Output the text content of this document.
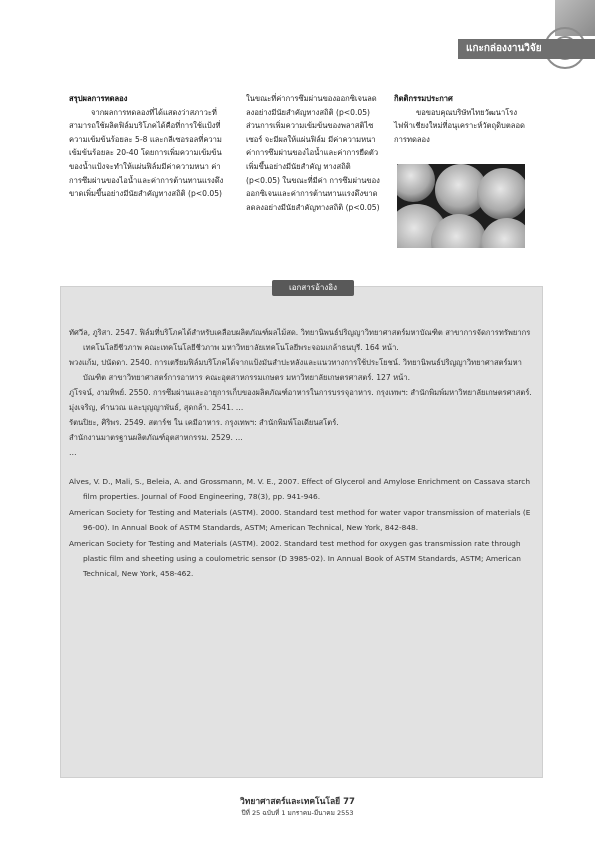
แกะกล่องงานวิจัย

สรุปผลการทดลอง

จากผลการทดลองที่ได้แสดงว่าสภาวะที่สามารถใช้ผลิตฟิล์มบริโภคได้คือที่การใช้แป้งที่ความเข้มข้นร้อยละ 5-8 และกลีเซอรอลที่ความเข้มข้นร้อยละ 20-40 โดยการเพิ่มความเข้มข้นของน้ำแป้งจะทำให้แผ่นฟิล์มมีค่าความหนา ค่าการซึมผ่านของไอน้ำและค่าการต้านทานแรงดึงขาดเพิ่มขึ้นอย่างมีนัยสำคัญทางสถิติ (p<0.05)

ในขณะที่ค่าการซึมผ่านของออกซิเจนลดลงอย่างมีนัยสำคัญทางสถิติ (p<0.05) ส่วนการเพิ่มความเข้มข้นของพลาสติไซเซอร์ จะมีผลให้แผ่นฟิล์ม มีค่าความหนา ค่าการซึมผ่านของไอน้ำและค่าการยืดตัวเพิ่มขึ้นอย่างมีนัยสำคัญ ทางสถิติ (p<0.05) ในขณะที่มีค่า การซึมผ่านของออกซิเจนและค่าการต้านทานแรงดึงขาดลดลงอย่างมีนัยสำคัญทางสถิติ (p<0.05)

กิตติกรรมประกาศ

ขอขอบคุณบริษัทไทยวัฒนาโรงไฟฟ้าเชียงใหม่ที่อนุเคราะห์วัตถุดิบตลอดการทดลอง

เอกสารอ้างอิง

ทัศวีล, ภูริสา. 2547. ฟิล์มที่บริโภคได้สำหรับเคลือบผลิตภัณฑ์ผลไม้สด. วิทยานิพนธ์ปริญญาวิทยาศาสตร์มหาบัณฑิต สาขาการจัดการทรัพยากรเทคโนโลยีชีวภาพ คณะเทคโนโลยีชีวภาพ มหาวิทยาลัยเทคโนโลยีพระจอมเกล้าธนบุรี. 164 หน้า.

พวงแก้ม, ปนัดดา. 2540. การเตรียมฟิล์มบริโภคได้จากแป้งมันสำปะหลังและแนวทางการใช้ประโยชน์. วิทยานิพนธ์ปริญญาวิทยาศาสตร์มหาบัณฑิต สาขาวิทยาศาสตร์การอาหาร คณะอุตสาหกรรมเกษตร มหาวิทยาลัยเกษตรศาสตร์. 127 หน้า.

ภู่โรจน์, งามทิพย์. 2550. การซึมผ่านและอายุการเก็บของผลิตภัณฑ์อาหารในการบรรจุอาหาร. กรุงเทพฯ: สำนักพิมพ์มหาวิทยาลัยเกษตรศาสตร์.

มุ่งเจริญ, คำนวณ และบุญญาพันธ์, สุดกล้า. 2541. …

รัตนปิยะ, ศิริพร. 2549. สตาร์ช ใน เคมีอาหาร. กรุงเทพฯ: สำนักพิมพ์โอเดียนสโตร์.

สำนักงานมาตรฐานผลิตภัณฑ์อุตสาหกรรม. 2529. …

…

Alves, V. D., Mali, S., Beleia, A. and Grossmann, M. V. E., 2007. Effect of Glycerol and Amylose Enrichment on Cassava starch film properties. Journal of Food Engineering, 78(3), pp. 941-946.

American Society for Testing and Materials (ASTM). 2000. Standard test method for water vapor transmission of materials (E 96-00). In Annual Book of ASTM Standards, ASTM; American Technical, New York, 842-848.

American Society for Testing and Materials (ASTM). 2002. Standard test method for oxygen gas transmission rate through plastic film and sheeting using a coulometric sensor (D 3985-02). In Annual Book of ASTM Standards, ASTM; American Technical, New York, 458-462.

วิทยาศาสตร์และเทคโนโลยี 77
ปีที่ 25 ฉบับที่ 1 มกราคม-มีนาคม 2553
